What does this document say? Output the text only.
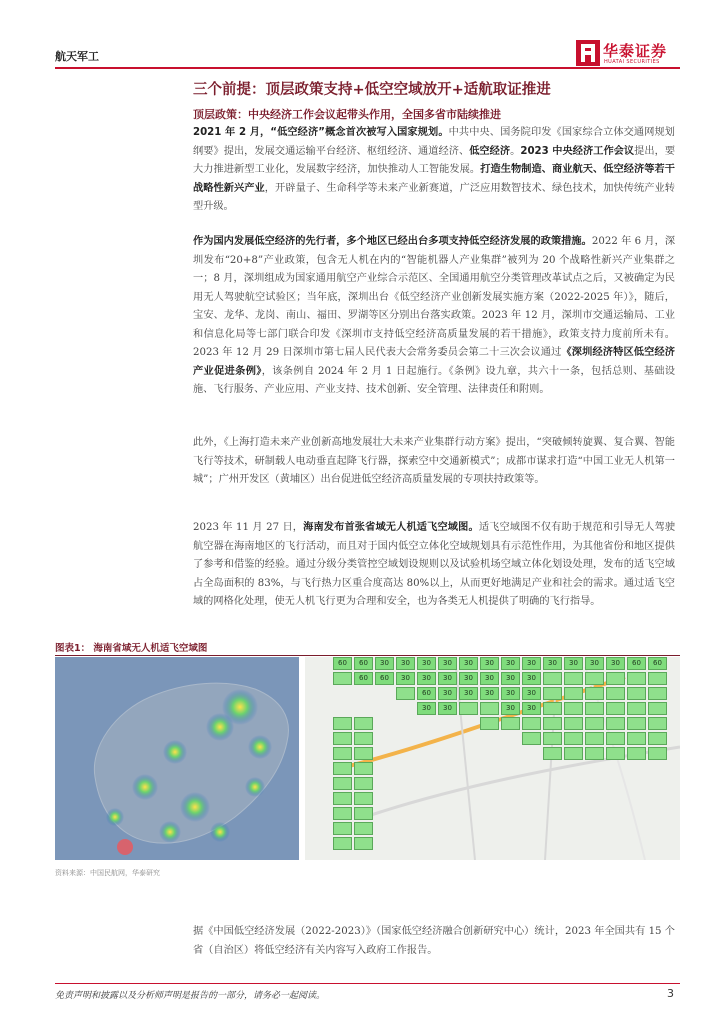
航天军工	华泰证券
HUATAI SECURITIES
三个前提：顶层政策支持+低空空域放开+适航取证推进
顶层政策：中央经济工作会议起带头作用，全国多省市陆续推进
2021 年 2 月，“低空经济”概念首次被写入国家规划。中共中央、国务院印发《国家综合立体交通网规划纲要》提出，发展交通运输平台经济、枢纽经济、通道经济、低空经济。2023 中央经济工作会议提出，要大力推进新型工业化，发展数字经济，加快推动人工智能发展。打造生物制造、商业航天、低空经济等若干战略性新兴产业，开辟量子、生命科学等未来产业新赛道，广泛应用数智技术、绿色技术，加快传统产业转型升级。
作为国内发展低空经济的先行者，多个地区已经出台多项支持低空经济发展的政策措施。2022 年 6 月，深圳发布“20+8”产业政策，包含无人机在内的“智能机器人产业集群”被列为 20 个战略性新兴产业集群之一；8 月，深圳组成为国家通用航空产业综合示范区、全国通用航空分类管理改革试点之后，又被确定为民用无人驾驶航空试验区；当年底，深圳出台《低空经济产业创新发展实施方案（2022-2025 年）》，随后，宝安、龙华、龙岗、南山、福田、罗湖等区分别出台落实政策。2023 年 12 月，深圳市交通运输局、工业和信息化局等七部门联合印发《深圳市支持低空经济高质量发展的若干措施》，政策支持力度前所未有。2023 年 12 月 29 日深圳市第七届人民代表大会常务委员会第二十三次会议通过《深圳经济特区低空经济产业促进条例》，该条例自 2024 年 2 月 1 日起施行。《条例》设九章，共六十一条，包括总则、基础设施、飞行服务、产业应用、产业支持、技术创新、安全管理、法律责任和附则。
此外，《上海打造未来产业创新高地发展壮大未来产业集群行动方案》提出，“突破倾转旋翼、复合翼、智能飞行等技术，研制载人电动垂直起降飞行器，探索空中交通新模式”；成都市谋求打造“中国工业无人机第一城”；广州开发区（黄埔区）出台促进低空经济高质量发展的专项扶持政策等。
2023 年 11 月 27 日，海南发布首张省域无人机适飞空域图。适飞空域图不仅有助于规范和引导无人驾驶航空器在海南地区的飞行活动，而且对于国内低空立体化空域规划具有示范性作用，为其他省份和地区提供了参考和借鉴的经验。通过分级分类管控空域划设规则以及试验机场空域立体化划设处理，发布的适飞空域占全岛面积的 83%，与飞行热力区重合度高达 80%以上，从而更好地满足产业和社会的需求。通过适飞空域的网格化处理，使无人机飞行更为合理和安全，也为各类无人机提供了明确的飞行指导。
图表1： 海南省域无人机适飞空域图
60	60	30	30	30	30	30	30	30	30	30	30	30	30	60	60
60	60	30	30	30	30	30	30	30
60	30	30	30	30	30
30	30	30	30
资料来源：中国民航网，华泰研究
据《中国低空经济发展（2022-2023）》（国家低空经济融合创新研究中心）统计，2023 年全国共有 15 个省（自治区）将低空经济有关内容写入政府工作报告。
免责声明和披露以及分析师声明是报告的一部分，请务必一起阅读。	3
